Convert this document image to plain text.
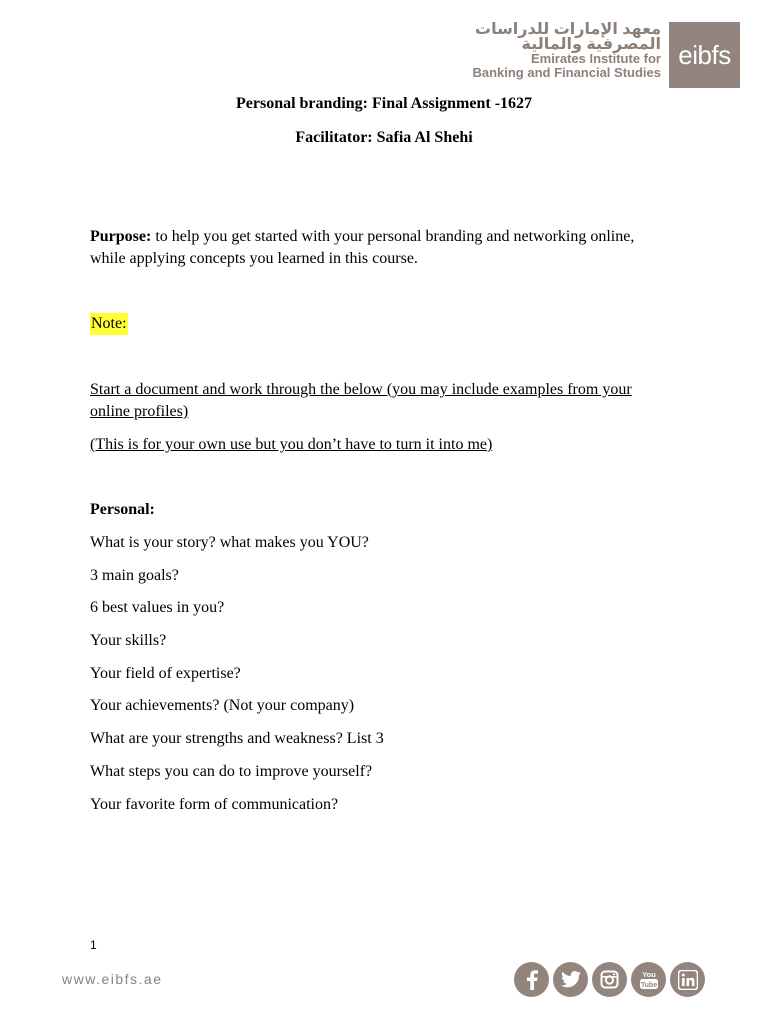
معهد الإمارات للدراسات
المصرفية والمالية
Emirates Institute for
Banking and Financial Studies
eibfs
Personal branding: Final Assignment -1627
Facilitator: Safia Al Shehi
Purpose: to help you get started with your personal branding and networking online, while applying concepts you learned in this course.
Note:
Start a document and work through the below (you may include examples from your online profiles)
(This is for your own use but you don’t have to turn it into me)
Personal:
What is your story? what makes you YOU?
3 main goals?
6 best values in you?
Your skills?
Your field of expertise?
Your achievements? (Not your company)
What are your strengths and weakness? List 3
What steps you can do to improve yourself?
Your favorite form of communication?
1
www.eibfs.ae	You
Tube
